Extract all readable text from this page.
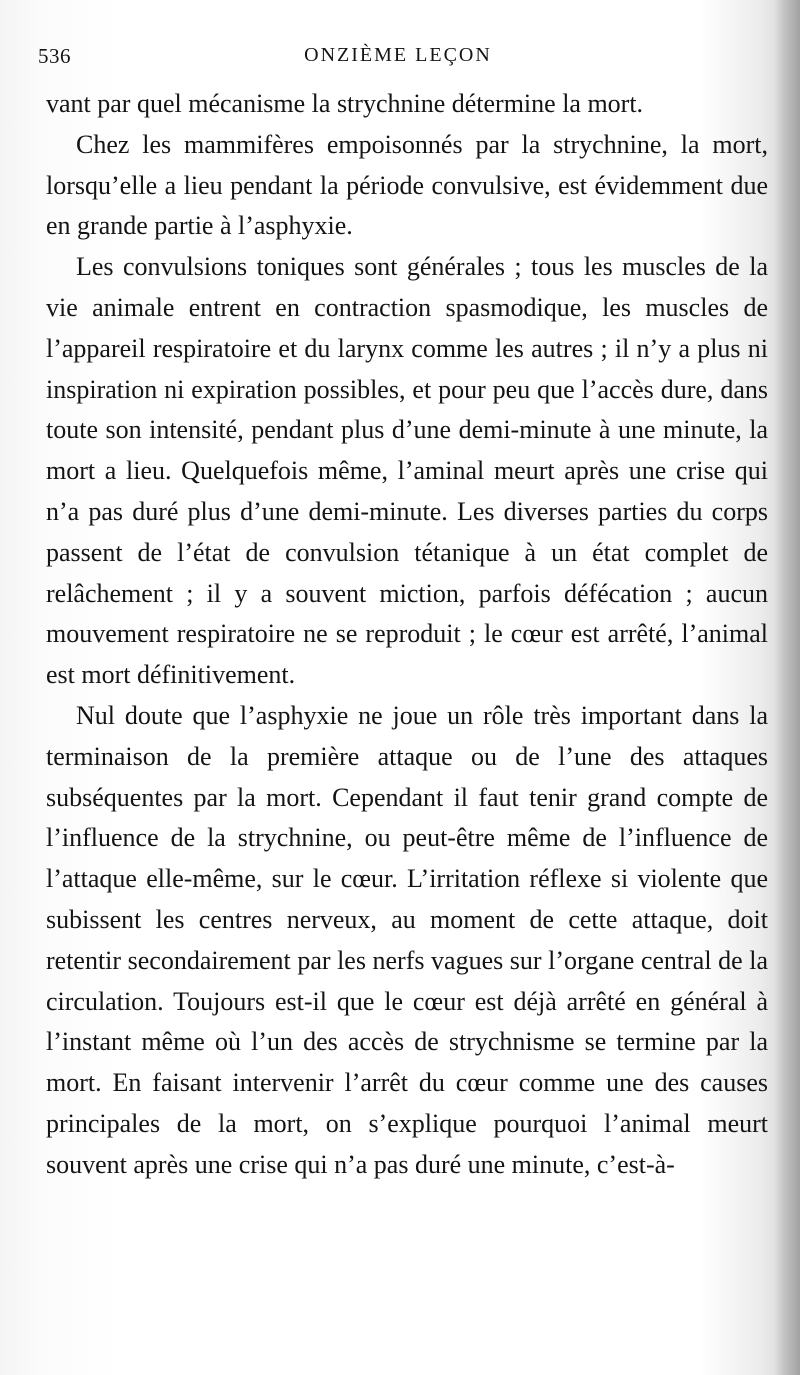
536	ONZIÈME LEÇON

vant par quel mécanisme la strychnine détermine la mort.

Chez les mammifères empoisonnés par la strychnine, la mort, lorsqu’elle a lieu pendant la période convulsive, est évidemment due en grande partie à l’asphyxie.

Les convulsions toniques sont générales ; tous les muscles de la vie animale entrent en contraction spasmodique, les muscles de l’appareil respiratoire et du larynx comme les autres ; il n’y a plus ni inspiration ni expiration possibles, et pour peu que l’accès dure, dans toute son intensité, pendant plus d’une demi-minute à une minute, la mort a lieu. Quelquefois même, l’aminal meurt après une crise qui n’a pas duré plus d’une demi-minute. Les diverses parties du corps passent de l’état de convulsion tétanique à un état complet de relâchement ; il y a souvent miction, parfois défécation ; aucun mouvement respiratoire ne se reproduit ; le cœur est arrêté, l’animal est mort définitivement.

Nul doute que l’asphyxie ne joue un rôle très important dans la terminaison de la première attaque ou de l’une des attaques subséquentes par la mort. Cependant il faut tenir grand compte de l’influence de la strychnine, ou peut-être même de l’influence de l’attaque elle-même, sur le cœur. L’irritation réflexe si violente que subissent les centres nerveux, au moment de cette attaque, doit retentir secondairement par les nerfs vagues sur l’organe central de la circulation. Toujours est-il que le cœur est déjà arrêté en général à l’instant même où l’un des accès de strychnisme se termine par la mort. En faisant intervenir l’arrêt du cœur comme une des causes principales de la mort, on s’explique pourquoi l’animal meurt souvent après une crise qui n’a pas duré une minute, c’est-à-
